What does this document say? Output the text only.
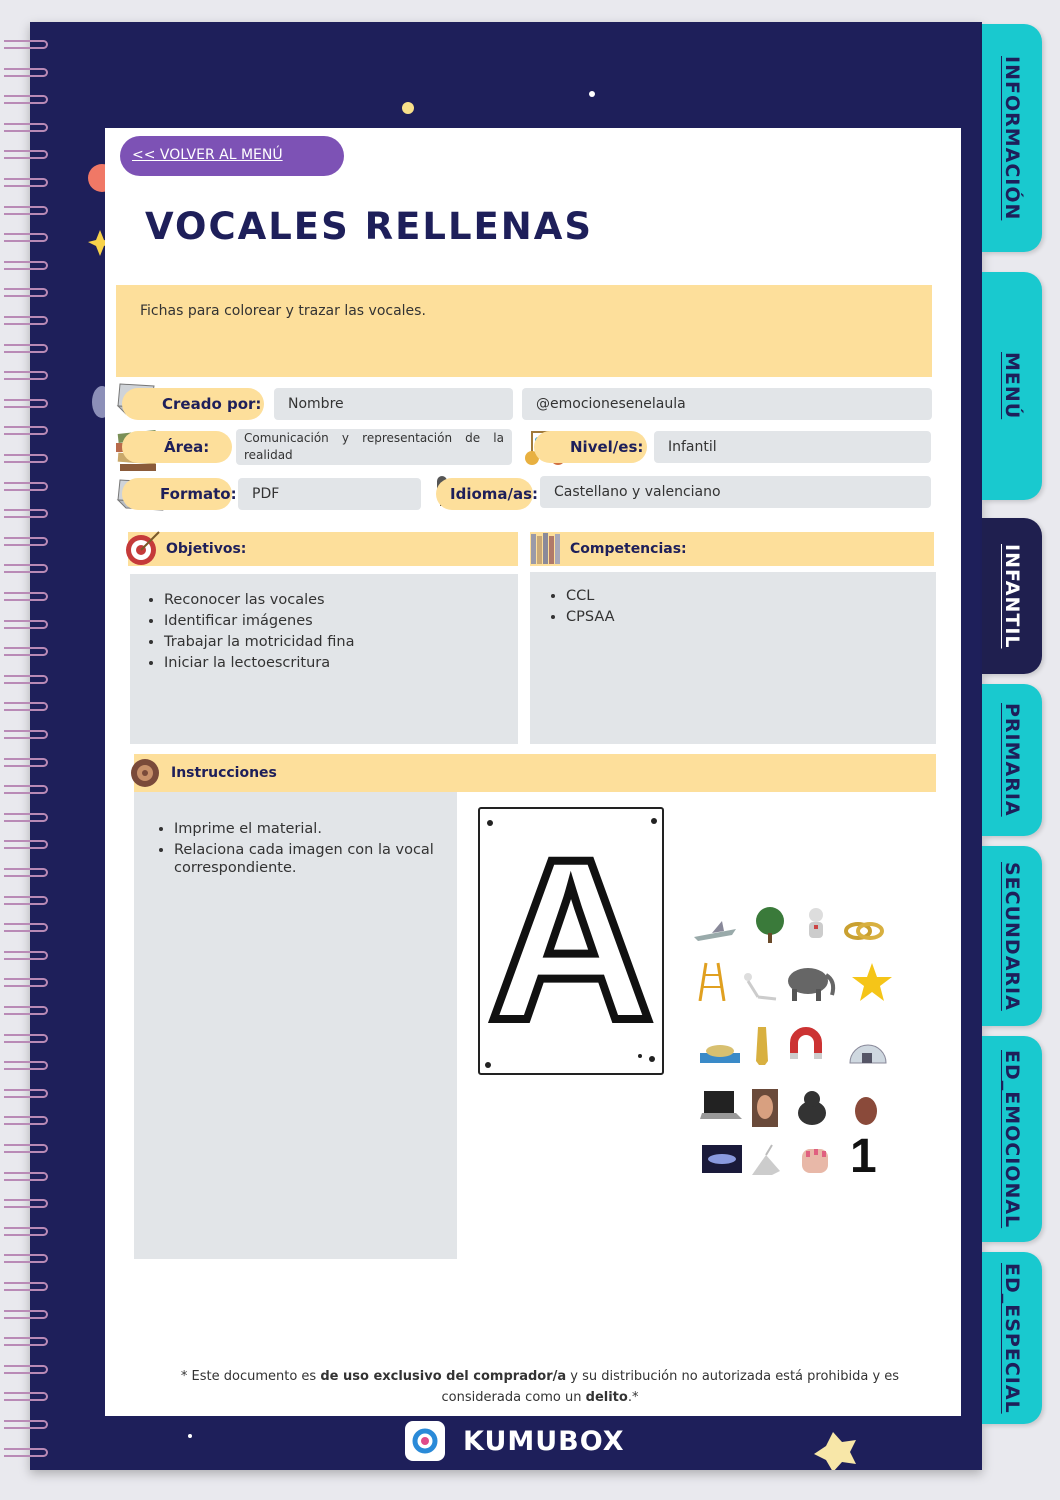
INFORMACIÓN
MENÚ
INFANTIL
PRIMARIA
SECUNDARIA
ED_EMOCIONAL
ED_ESPECIAL
<< VOLVER AL MENÚ
VOCALES RELLENAS
Fichas para colorear y trazar las vocales.
Creado por:	Nombre	@emocionesenelaula
Área:	Comunicación y representación de la realidad	Nivel/es:	Infantil
Formato:	PDF	Idioma/as:	Castellano y valenciano
Objetivos:
• Reconocer las vocales
• Identificar imágenes
• Trabajar la motricidad fina
• Iniciar la lectoescritura
Competencias:
• CCL
• CPSAA
Instrucciones
• Imprime el material.
• Relaciona cada imagen con la vocal correspondiente. A
1
* Este documento es de uso exclusivo del comprador/a y su distribución no autorizada está prohibida y es considerada como un delito.*
KUMUBOX
